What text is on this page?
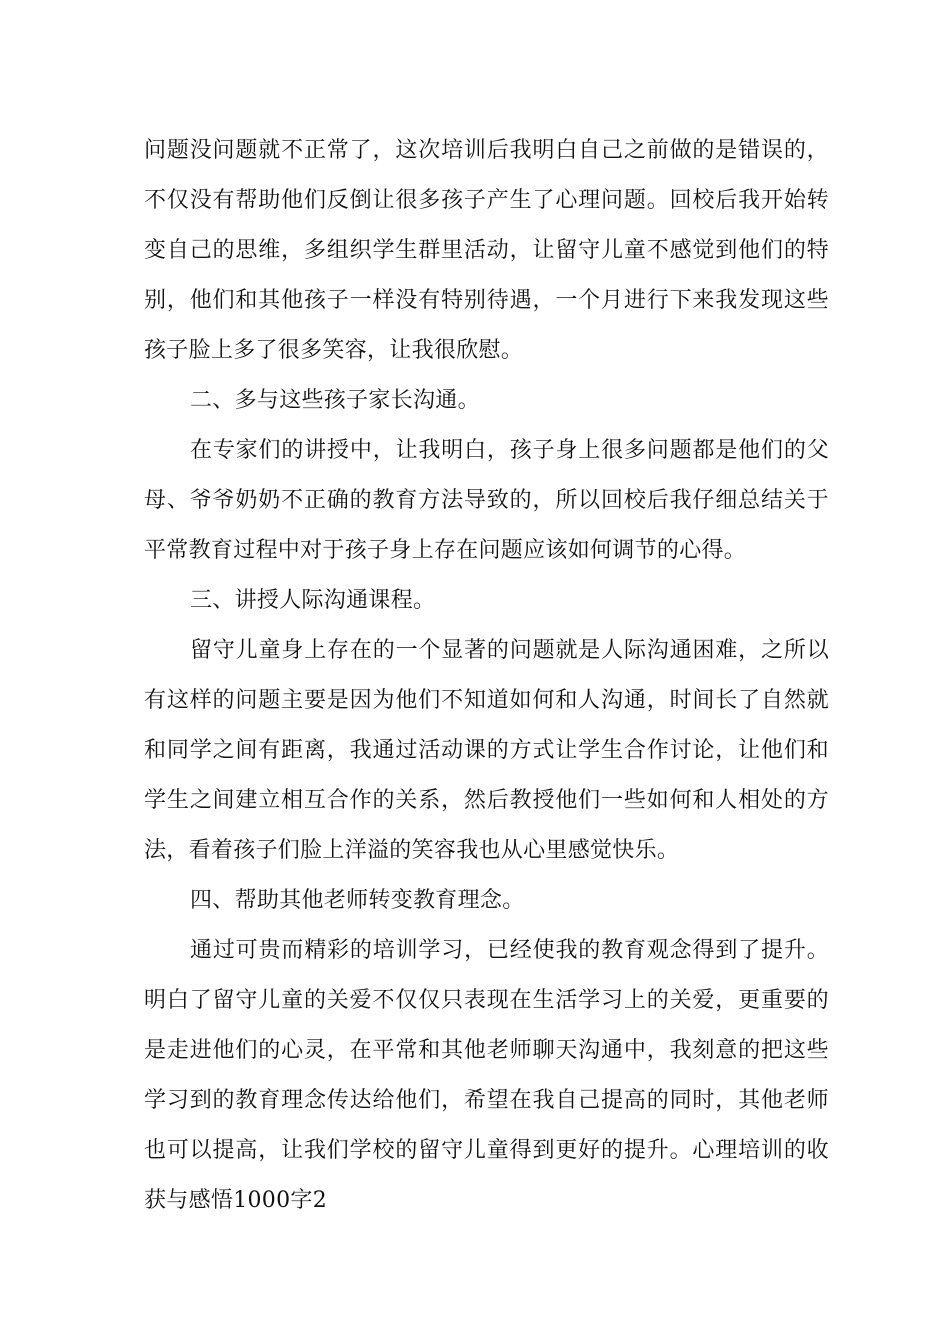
问题没问题就不正常了，这次培训后我明白自己之前做的是错误的，不仅没有帮助他们反倒让很多孩子产生了心理问题。回校后我开始转变自己的思维，多组织学生群里活动，让留守儿童不感觉到他们的特别，他们和其他孩子一样没有特别待遇，一个月进行下来我发现这些孩子脸上多了很多笑容，让我很欣慰。

二、多与这些孩子家长沟通。

在专家们的讲授中，让我明白，孩子身上很多问题都是他们的父母、爷爷奶奶不正确的教育方法导致的，所以回校后我仔细总结关于平常教育过程中对于孩子身上存在问题应该如何调节的心得。

三、讲授人际沟通课程。

留守儿童身上存在的一个显著的问题就是人际沟通困难，之所以有这样的问题主要是因为他们不知道如何和人沟通，时间长了自然就和同学之间有距离，我通过活动课的方式让学生合作讨论，让他们和学生之间建立相互合作的关系，然后教授他们一些如何和人相处的方法，看着孩子们脸上洋溢的笑容我也从心里感觉快乐。

四、帮助其他老师转变教育理念。

通过可贵而精彩的培训学习，已经使我的教育观念得到了提升。明白了留守儿童的关爱不仅仅只表现在生活学习上的关爱，更重要的是走进他们的心灵，在平常和其他老师聊天沟通中，我刻意的把这些学习到的教育理念传达给他们，希望在我自己提高的同时，其他老师也可以提高，让我们学校的留守儿童得到更好的提升。心理培训的收获与感悟1000字2
